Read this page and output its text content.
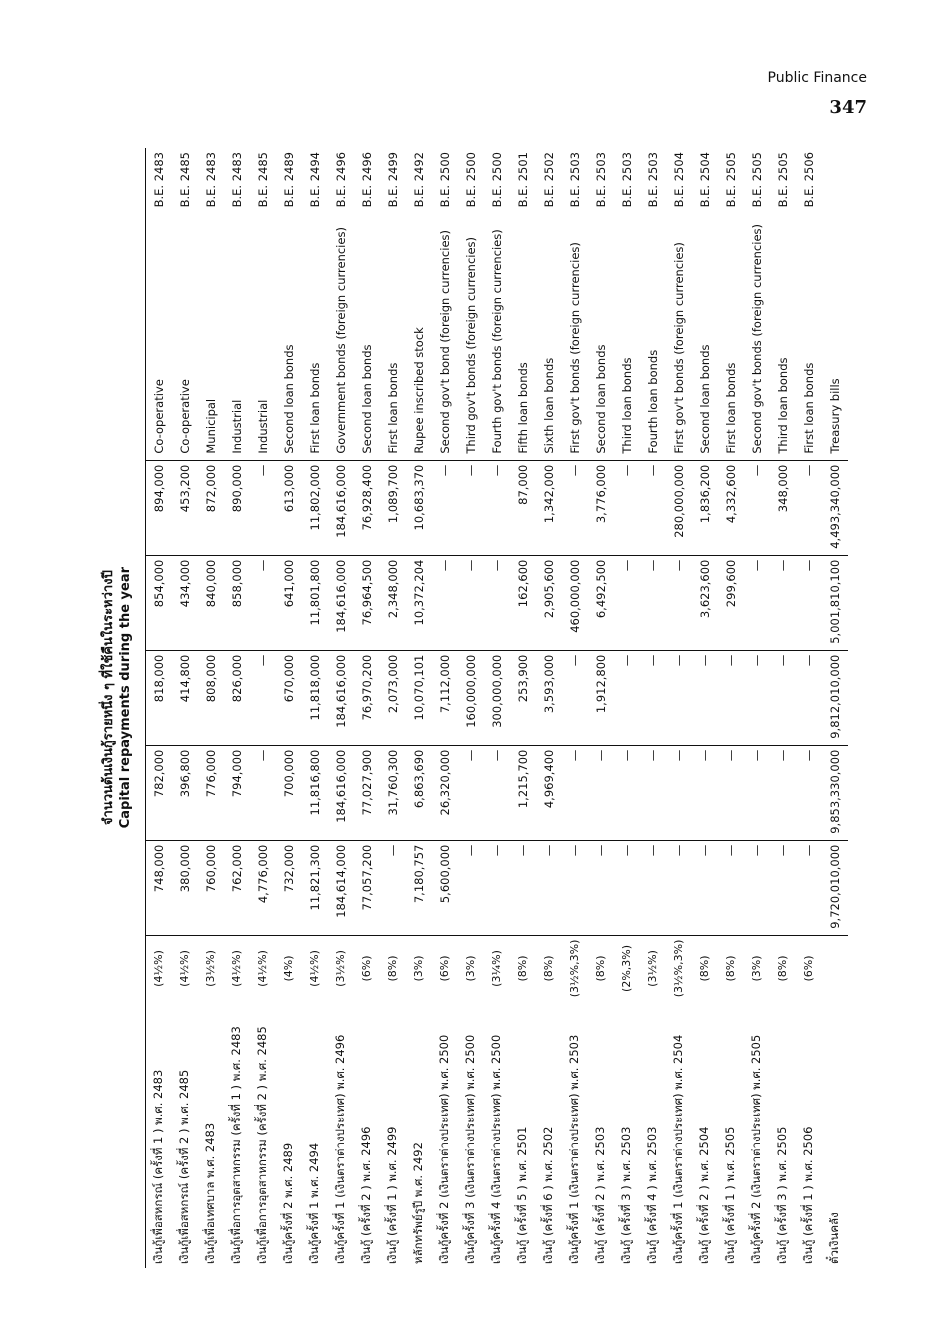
Public Finance
347

		จำนวนต้นเงินกู้รายหนึ่ง ๆ ที่ใช้คืนในระหว่างปี Capital repayments during the year						

เงินกู้เพื่อสหกรณ์ (ครั้งที่ 1 ) พ.ศ. 2483	(4½%)	748,000	782,000	818,000	854,000	894,000	Co-operative	B.E. 2483
เงินกู้เพื่อสหกรณ์ (ครั้งที่ 2 ) พ.ศ. 2485	(4½%)	380,000	396,800	414,800	434,000	453,200	Co-operative	B.E. 2485
เงินกู้เพื่อเทศบาล พ.ศ. 2483	(3½%)	760,000	776,000	808,000	840,000	872,000	Municipal	B.E. 2483
เงินกู้เพื่อการอุตสาหกรรม (ครั้งที่ 1 ) พ.ศ. 2483	(4½%)	762,000	794,000	826,000	858,000	890,000	Industrial	B.E. 2483
เงินกู้เพื่อการอุตสาหกรรม (ครั้งที่ 2 ) พ.ศ. 2485	(4½%)	4,776,000	—	—	—	—	Industrial	B.E. 2485
เงินกู้ครั้งที่ 2 พ.ศ. 2489	(4%)	732,000	700,000	670,000	641,000	613,000	Second loan bonds	B.E. 2489
เงินกู้ครั้งที่ 1 พ.ศ. 2494	(4½%)	11,821,300	11,816,800	11,818,000	11,801,800	11,802,000	First loan bonds	B.E. 2494
เงินกู้ครั้งที่ 1 (เงินตราต่างประเทศ) พ.ศ. 2496	(3½%)	184,614,000	184,616,000	184,616,000	184,616,000	184,616,000	Government bonds (foreign currencies)	B.E. 2496
เงินกู้ (ครั้งที่ 2 ) พ.ศ. 2496	(6%)	77,057,200	77,027,900	76,970,200	76,964,500	76,928,400	Second loan bonds	B.E. 2496
เงินกู้ (ครั้งที่ 1 ) พ.ศ. 2499	(8%)	—	31,760,300	2,073,000	2,348,000	1,089,700	First loan bonds	B.E. 2499
หลักทรัพย์รูปี พ.ศ. 2492	(3%)	7,180,757	6,863,690	10,070,101	10,372,204	10,683,370	Rupee inscribed stock	B.E. 2492
เงินกู้ครั้งที่ 2 (เงินตราต่างประเทศ) พ.ศ. 2500	(6%)	5,600,000	26,320,000	7,112,000	—	—	Second gov't bond (foreign currencies)	B.E. 2500
เงินกู้ครั้งที่ 3 (เงินตราต่างประเทศ) พ.ศ. 2500	(3%)	—	—	160,000,000	—	—	Third gov't bonds (foreign currencies)	B.E. 2500
เงินกู้ครั้งที่ 4 (เงินตราต่างประเทศ) พ.ศ. 2500	(3¼%)	—	—	300,000,000	—	—	Fourth gov't bonds (foreign currencies)	B.E. 2500
เงินกู้ (ครั้งที่ 5 ) พ.ศ. 2501	(8%)	—	1,215,700	253,900	162,600	87,000	Fifth loan bonds	B.E. 2501
เงินกู้ (ครั้งที่ 6 ) พ.ศ. 2502	(8%)	—	4,969,400	3,593,000	2,905,600	1,342,000	Sixth loan bonds	B.E. 2502
เงินกู้ครั้งที่ 1 (เงินตราต่างประเทศ) พ.ศ. 2503	(3½%,3%)	—	—	—	460,000,000	—	First gov't bonds (foreign currencies)	B.E. 2503
เงินกู้ (ครั้งที่ 2 ) พ.ศ. 2503	(8%)	—	—	1,912,800	6,492,500	3,776,000	Second loan bonds	B.E. 2503
เงินกู้ (ครั้งที่ 3 ) พ.ศ. 2503	(2%,3%)	—	—	—	—	—	Third loan bonds	B.E. 2503
เงินกู้ (ครั้งที่ 4 ) พ.ศ. 2503	(3½%)	—	—	—	—	—	Fourth loan bonds	B.E. 2503
เงินกู้ครั้งที่ 1 (เงินตราต่างประเทศ) พ.ศ. 2504	(3½%,3%)	—	—	—	—	280,000,000	First gov't bonds (foreign currencies)	B.E. 2504
เงินกู้ (ครั้งที่ 2 ) พ.ศ. 2504	(8%)	—	—	—	3,623,600	1,836,200	Second loan bonds	B.E. 2504
เงินกู้ (ครั้งที่ 1 ) พ.ศ. 2505	(8%)	—	—	—	299,600	4,332,600	First loan bonds	B.E. 2505
เงินกู้ครั้งที่ 2 (เงินตราต่างประเทศ) พ.ศ. 2505	(3%)	—	—	—	—	—	Second gov't bonds (foreign currencies)	B.E. 2505
เงินกู้ (ครั้งที่ 3 ) พ.ศ. 2505	(8%)	—	—	—	—	348,000	Third loan bonds	B.E. 2505
เงินกู้ (ครั้งที่ 1 ) พ.ศ. 2506	(6%)	—	—	—	—	—	First loan bonds	B.E. 2506
ตั๋วเงินคลัง		9,720,010,000	9,853,330,000	9,812,010,000	5,001,810,100	4,493,340,000	Treasury bills	
